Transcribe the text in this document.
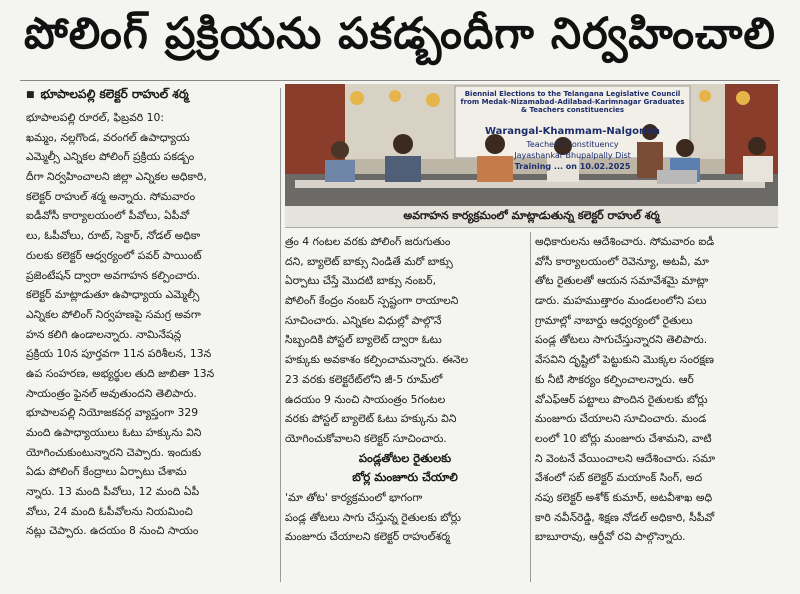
పోలింగ్ ప్రక్రియను పకడ్బందీగా నిర్వహించాలి
■ భూపాలపల్లి కలెక్టర్ రాహుల్ శర్మ	Biennial Elections to the Telangana Legislative Council from Medak-Nizamabad-Adilabad-Karimnagar Graduates & Teachers constituencies
Warangal-Khammam-Nalgonda
Teachers' Constituency
Jayashankar Bhupalpally Dist
Training ... on 10.02.2025
అవగాహన కార్యక్రమంలో మాట్లాడుతున్న కలెక్టర్ రాహుల్ శర్మ
భూపాలపల్లి రూరల్, ఫిబ్రవరి 10:
ఖమ్మం, నల్లగొండ, వరంగల్ ఉపాధ్యాయ
ఎమ్మెల్సీ ఎన్నికల పోలింగ్ ప్రక్రియ పకడ్బం
దీగా నిర్వహించాలని జిల్లా ఎన్నికల అధికారి,
కలెక్టర్ రాహుల్ శర్మ అన్నారు. సోమవారం
ఐడీవోసీ కార్యాలయంలో పీవోలు, ఏపీవో
లు, ఓపీవోలు, రూట్, సెక్టార్, నోడల్ అధికా
రులకు కలెక్టర్ ఆధ్వర్యంలో పవర్ పాయింట్
ప్రజెంటేషన్ ద్వారా అవగాహన కల్పించారు.
కలెక్టర్ మాట్లాడుతూ ఉపాధ్యాయ ఎమ్మెల్సీ
ఎన్నికల పోలింగ్ నిర్వహణపై సమగ్ర అవగా
హన కలిగి ఉండాలన్నారు. నామినేషన్ల
ప్రక్రియ 10న పూర్తవగా 11న పరిశీలన, 13న
ఉప సంహరణ, అభ్యర్థుల తుది జాబితా 13న
సాయంత్రం ఫైనల్ అవుతుందని తెలిపారు.
భూపాలపల్లి నియోజకవర్గ వ్యాప్తంగా 329
మంది ఉపాధ్యాయులు ఓటు హక్కును విని
యోగించుకుంటున్నారని చెప్పారు. ఇందుకు
ఏడు పోలింగ్ కేంద్రాలు ఏర్పాటు చేశామ
న్నారు. 13 మంది పీవోలు, 12 మంది ఏపీ
వోలు, 24 మంది ఓపీవోలను నియమించి
నట్లు చెప్పారు. ఉదయం 8 నుంచి సాయం
త్రం 4 గంటల వరకు పోలింగ్ జరుగుతుం
దని, బ్యాలెట్ బాక్సు నిండితే మరో బాక్సు
ఏర్పాటు చేస్తే మొదటి బాక్సు నంబర్,
పోలింగ్ కేంద్రం నంబర్ స్పష్టంగా రాయాలని
సూచించారు. ఎన్నికల విధుల్లో పాల్గొనే
సిబ్బందికి పోస్టల్ బ్యాలెట్ ద్వారా ఓటు
హక్కుకు అవకాశం కల్పించామన్నారు. ఈనెల
23 వరకు కలెక్టరేట్‌లోని జీ-5 రూమ్‌లో
ఉదయం 9 నుంచి సాయంత్రం 5గంటల
వరకు పోస్టల్ బ్యాలెట్ ఓటు హక్కును విని
యోగించుకోవాలని కలెక్టర్ సూచించారు.
పండ్లతోటల రైతులకు
బోర్ల మంజూరు చేయాలి
'మా తోట' కార్యక్రమంలో భాగంగా
పండ్ల తోటలు సాగు చేస్తున్న రైతులకు బోర్లు
మంజూరు చేయాలని కలెక్టర్ రాహుల్‌శర్మ
అధికారులను ఆదేశించారు. సోమవారం ఐడీ
వోసీ కార్యాలయంలో రెవెన్యూ, అటవీ, మా
తోట రైతులతో ఆయన సమావేశమై మాట్లా
డారు. మహముత్తారం మండలంలోని పలు
గ్రామాల్లో నాబార్డు ఆధ్వర్యంలో రైతులు
పండ్ల తోటలు సాగుచేస్తున్నారని తెలిపారు.
వేసవిని దృష్టిలో పెట్టుకుని మొక్కల సంరక్షణ
కు నీటి సౌకర్యం కల్పించాలన్నారు. ఆర్
వోఎఫ్ఆర్ పట్టాలు పొందిన రైతులకు బోర్లు
మంజూరు చేయాలని సూచించారు. మండ
లంలో 10 బోర్లు మంజూరు చేశామని, వాటి
ని వెంటనే వేయించాలని ఆదేశించారు. సమా
వేశంలో సబ్ కలెక్టర్ మయాంక్ సింగ్, అద
నపు కలెక్టర్ అశోక్ కుమార్, అటవీశాఖ అధి
కారి నవీన్‌రెడ్డి, శిక్షణ నోడల్ అధికారి, సీపీవో
బాబూరావు, ఆర్డీవో రవి పాల్గొన్నారు.
